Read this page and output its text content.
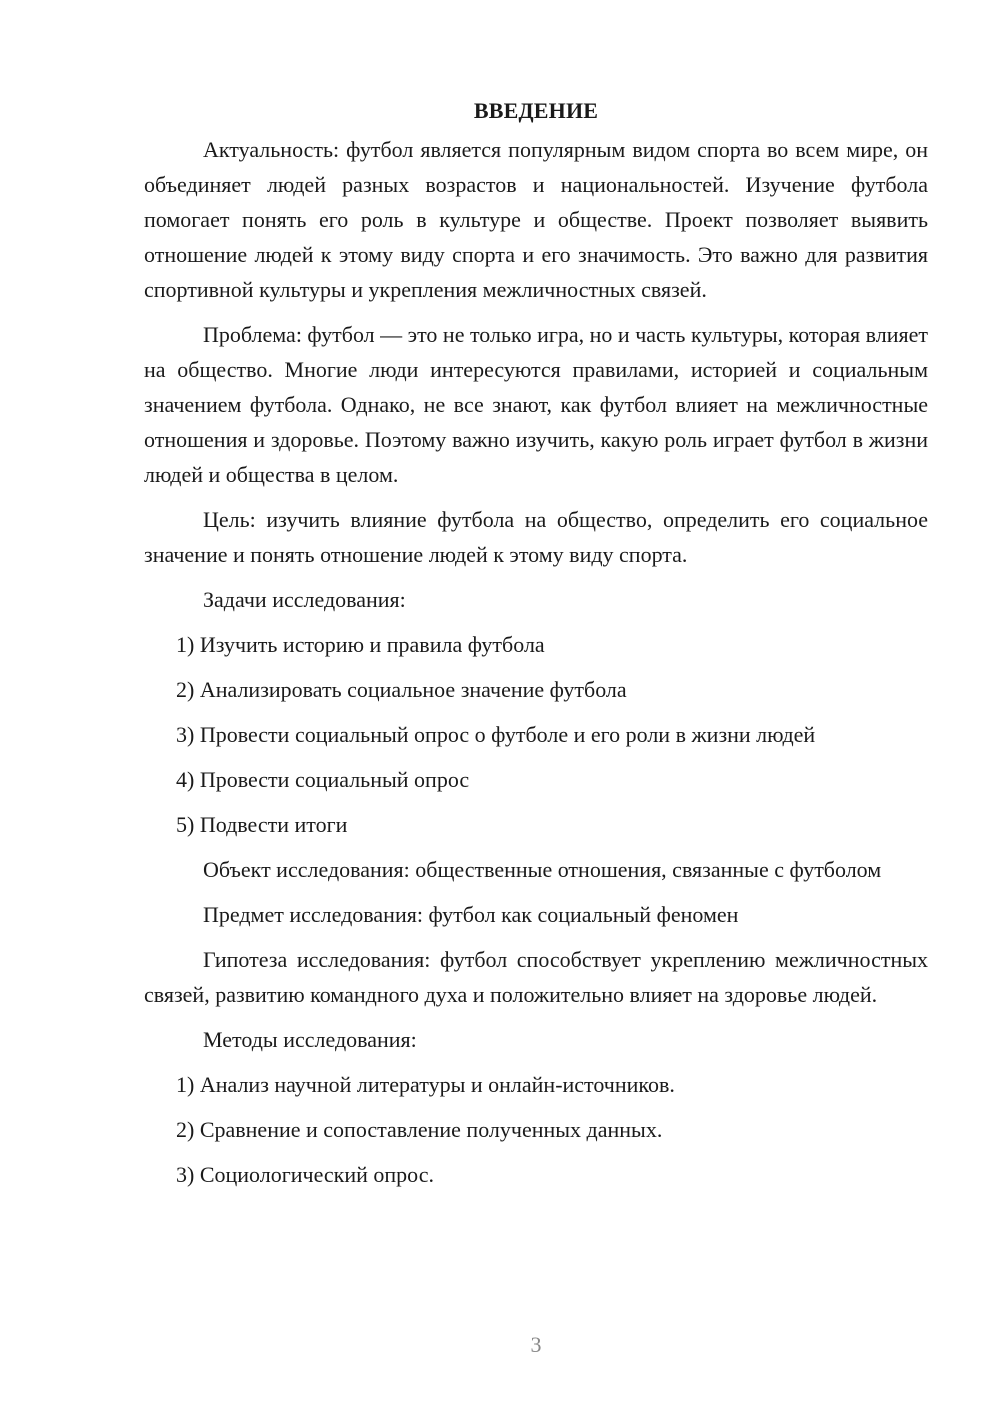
ВВЕДЕНИЕ

Актуальность: футбол является популярным видом спорта во всем мире, он объединяет людей разных возрастов и национальностей. Изучение футбола помогает понять его роль в культуре и обществе. Проект позволяет выявить отношение людей к этому виду спорта и его значимость. Это важно для развития спортивной культуры и укрепления межличностных связей.

Проблема: футбол — это не только игра, но и часть культуры, которая влияет на общество. Многие люди интересуются правилами, историей и социальным значением футбола. Однако, не все знают, как футбол влияет на межличностные отношения и здоровье. Поэтому важно изучить, какую роль играет футбол в жизни людей и общества в целом.

Цель: изучить влияние футбола на общество, определить его социальное значение и понять отношение людей к этому виду спорта.

Задачи исследования:

1) Изучить историю и правила футбола
2) Анализировать социальное значение футбола
3) Провести социальный опрос о футболе и его роли в жизни людей
4) Провести социальный опрос
5) Подвести итоги

Объект исследования: общественные отношения, связанные с футболом

Предмет исследования: футбол как социальный феномен

Гипотеза исследования: футбол способствует укреплению межличностных связей, развитию командного духа и положительно влияет на здоровье людей.

Методы исследования:

1) Анализ научной литературы и онлайн-источников.
2) Сравнение и сопоставление полученных данных.
3) Социологический опрос.
3
